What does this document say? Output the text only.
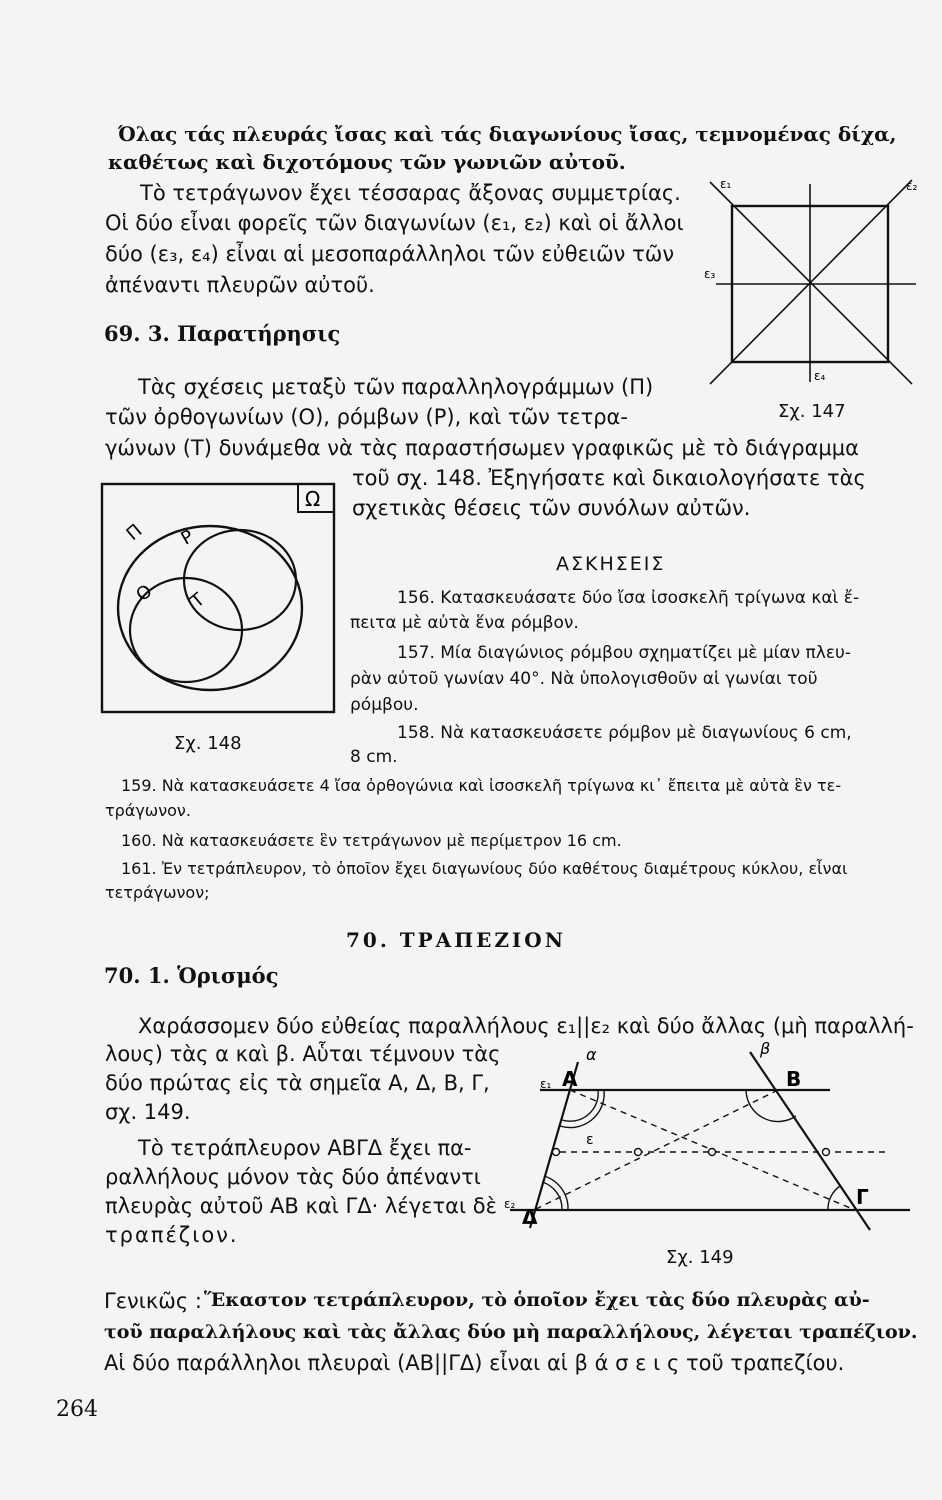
Όλας τάς πλευράς ἴσας καὶ τάς διαγωνίους ἴσας, τεμνομένας δίχα,
καθέτως καὶ διχοτόμους τῶν γωνιῶν αὐτοῦ.
Τὸ τετράγωνον ἔχει τέσσαρας ἄξονας συμμετρίας.
Οἱ δύο εἶναι φορεῖς τῶν διαγωνίων (ε₁, ε₂) καὶ οἱ ἄλλοι
δύο (ε₃, ε₄) εἶναι αἱ μεσοπαράλληλοι τῶν εὐθειῶν τῶν
ἀπέναντι πλευρῶν αὐτοῦ.
ε₁	ε₂
ε₃
ε₄
Σχ. 147
69. 3. Παρατήρησις
Τὰς σχέσεις μεταξὺ τῶν παραλληλογράμμων (Π)
τῶν ὀρθογωνίων (Ο), ρόμβων (Ρ), καὶ τῶν τετρα-
γώνων (Τ) δυνάμεθα νὰ τὰς παραστήσωμεν γραφικῶς μὲ τὸ διάγραμμα
τοῦ σχ. 148. Ἐξηγήσατε καὶ δικαιολογήσατε τὰς
σχετικὰς θέσεις τῶν συνόλων αὐτῶν.
Ω
Π Ρ
Ο Τ
Σχ. 148
ΑΣΚΗΣΕΙΣ
156. Κατασκευάσατε δύο ἴσα ἰσοσκελῆ τρίγωνα καὶ ἔ-
πειτα μὲ αὐτὰ ἕνα ρόμβον.
157. Μία διαγώνιος ρόμβου σχηματίζει μὲ μίαν πλευ-
ρὰν αὐτοῦ γωνίαν 40°. Νὰ ὑπολογισθοῦν αἱ γωνίαι τοῦ
ρόμβου.
158. Νὰ κατασκευάσετε ρόμβον μὲ διαγωνίους 6 cm,
8 cm.
159. Νὰ κατασκευάσετε 4 ἴσα ὀρθογώνια καὶ ἰσοσκελῆ τρίγωνα κι᾽ ἔπειτα μὲ αὐτὰ ἓν τε-
τράγωνον.
160. Νὰ κατασκευάσετε ἓν τετράγωνον μὲ περίμετρον 16 cm.
161. Ἐν τετράπλευρον, τὸ ὁποῖον ἔχει διαγωνίους δύο καθέτους διαμέτρους κύκλου, εἶναι
τετράγωνον;
70. ΤΡΑΠΕΖΙΟΝ
70. 1. Ὁρισμός
Χαράσσομεν δύο εὐθείας παραλλήλους ε₁||ε₂ καὶ δύο ἄλλας (μὴ παραλλή-
λους) τὰς α καὶ β. Αὗται τέμνουν τὰς
δύο πρώτας εἰς τὰ σημεῖα Α, Δ, Β, Γ,
σχ. 149.
Τὸ τετράπλευρον ΑΒΓΔ ἔχει πα-
ραλλήλους μόνον τὰς δύο ἀπέναντι
πλευρὰς αὐτοῦ ΑΒ καὶ ΓΔ· λέγεται δὲ
τραπέζιον.
Α	Β
Γ
Δ
α	β
ε
ε₁
ε₂
Σχ. 149
Γενικῶς : Ἕκαστον τετράπλευρον, τὸ ὁποῖον ἔχει τὰς δύο πλευρὰς αὐ-
τοῦ παραλλήλους καὶ τὰς ἄλλας δύο μὴ παραλλήλους, λέγεται τραπέζιον.
Αἱ δύο παράλληλοι πλευραὶ (ΑΒ||ΓΔ) εἶναι αἱ β ά σ ε ι ς τοῦ τραπεζίου.
264
